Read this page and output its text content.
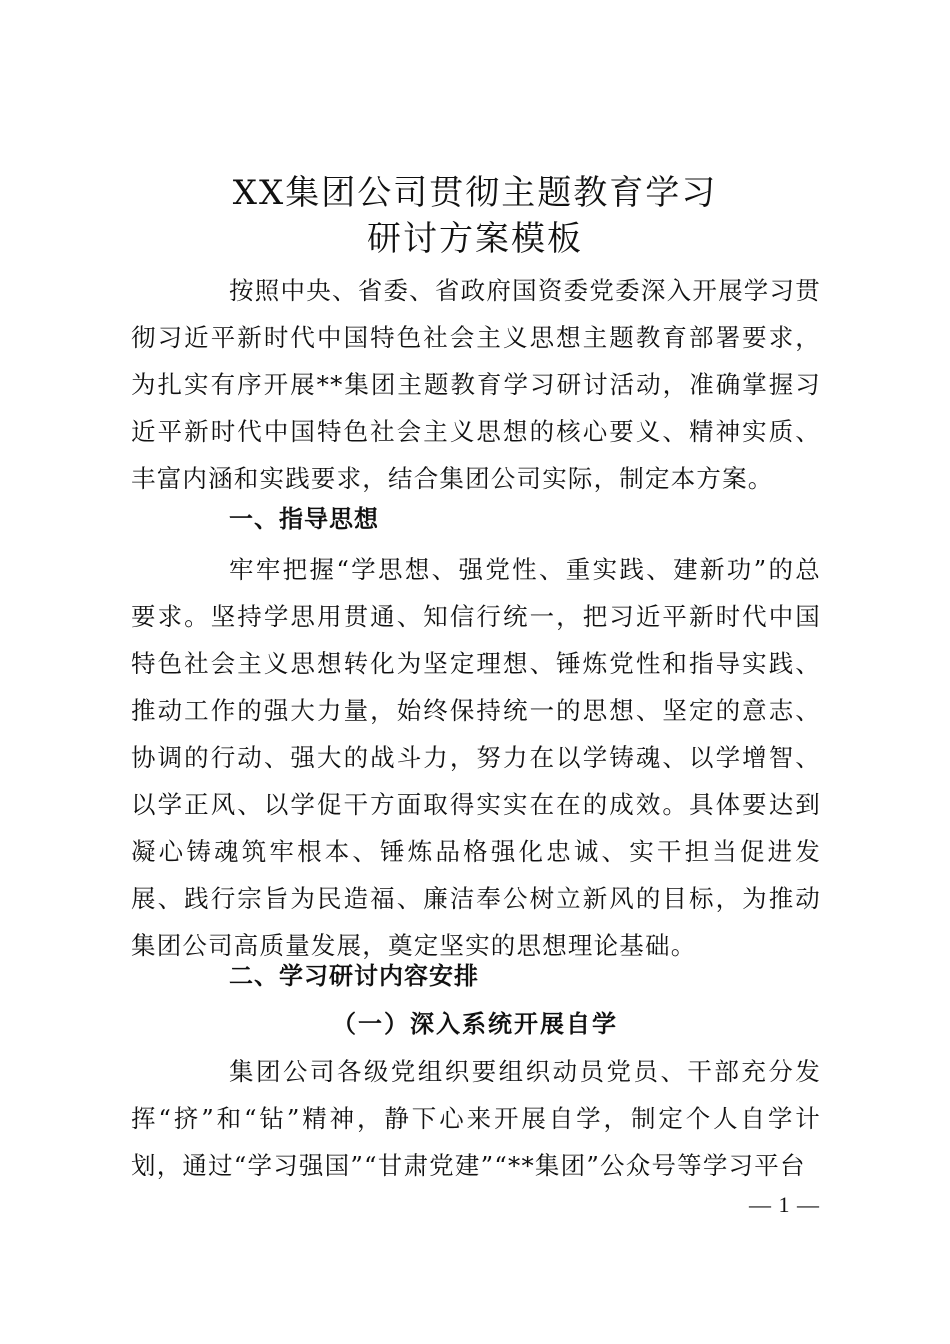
XX集团公司贯彻主题教育学习
研讨方案模板

按照中央、省委、省政府国资委党委深入开展学习贯彻习近平新时代中国特色社会主义思想主题教育部署要求，为扎实有序开展**集团主题教育学习研讨活动，准确掌握习近平新时代中国特色社会主义思想的核心要义、精神实质、丰富内涵和实践要求，结合集团公司实际，制定本方案。

一、指导思想

牢牢把握“学思想、强党性、重实践、建新功”的总要求。坚持学思用贯通、知信行统一，把习近平新时代中国特色社会主义思想转化为坚定理想、锤炼党性和指导实践、推动工作的强大力量，始终保持统一的思想、坚定的意志、协调的行动、强大的战斗力，努力在以学铸魂、以学增智、以学正风、以学促干方面取得实实在在的成效。具体要达到凝心铸魂筑牢根本、锤炼品格强化忠诚、实干担当促进发展、践行宗旨为民造福、廉洁奉公树立新风的目标，为推动集团公司高质量发展，奠定坚实的思想理论基础。

二、学习研讨内容安排
（一）深入系统开展自学

集团公司各级党组织要组织动员党员、干部充分发挥“挤”和“钻”精神，静下心来开展自学，制定个人自学计划，通过“学习强国”“甘肃党建”“**集团”公众号等学习平台

— 1 —
